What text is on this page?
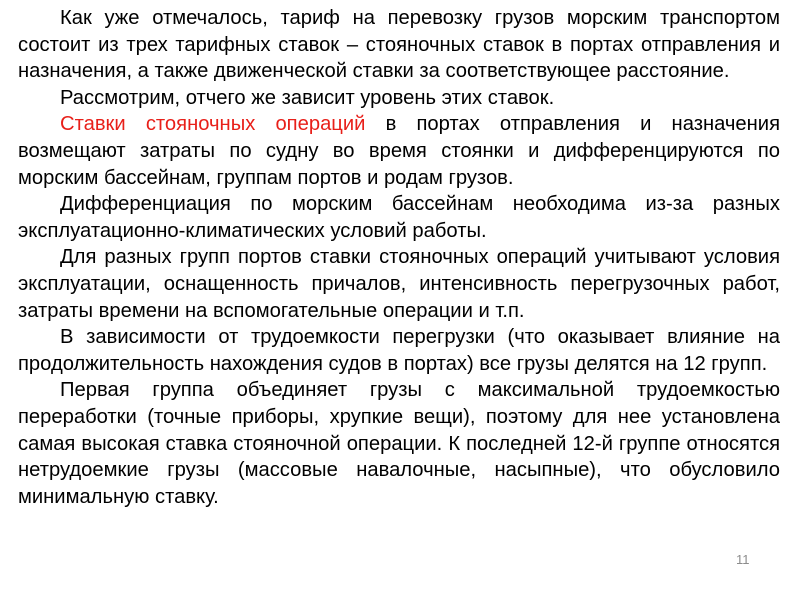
Как уже отмечалось, тариф на перевозку грузов морским транспортом состоит из трех тарифных ставок – стояночных ставок в портах отправления и назначения, а также движенческой ставки за соответствующее расстояние.

Рассмотрим, отчего же зависит уровень этих ставок.

Ставки стояночных операций в портах отправления и назначения возмещают затраты по судну во время стоянки и дифференцируются по морским бассейнам, группам портов и родам грузов.

Дифференциация по морским бассейнам необходима из-за разных эксплуатационно-климатических условий работы.

Для разных групп портов ставки стояночных операций учитывают условия эксплуатации, оснащенность причалов, интенсивность перегрузочных работ, затраты времени на вспомогательные операции и т.п.

В зависимости от трудоемкости перегрузки (что оказывает влияние на продолжительность нахождения судов в портах) все грузы делятся на 12 групп.

Первая группа объединяет грузы с максимальной трудоемкостью переработки (точные приборы, хрупкие вещи), поэтому для нее установлена самая высокая ставка стояночной операции. К последней 12-й группе относятся нетрудоемкие грузы (массовые навалочные, насыпные), что обусловило минимальную ставку.

11
